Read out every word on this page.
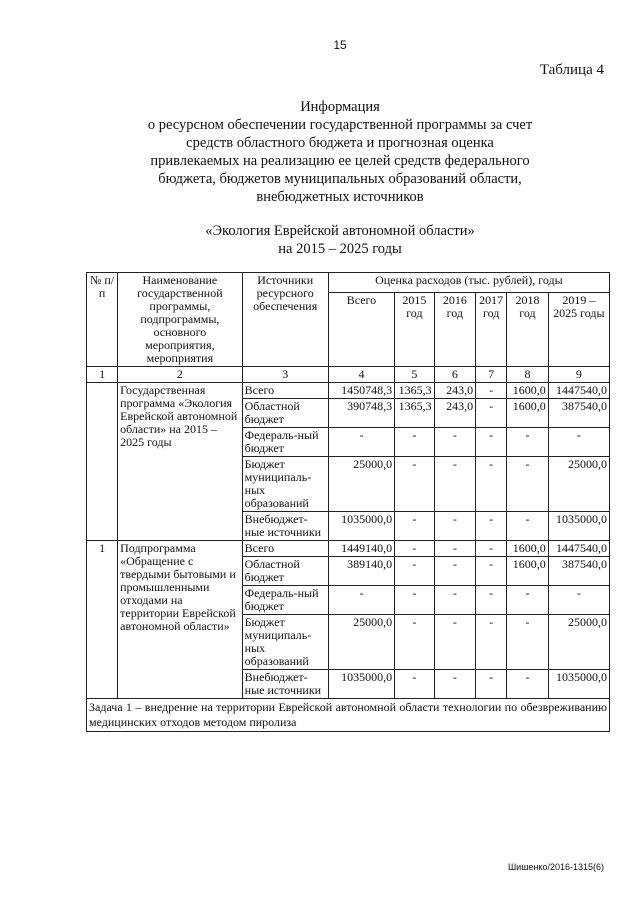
15
Таблица 4
Информация
о ресурсном обеспечении государственной программы за счет
средств областного бюджета и прогнозная оценка
привлекаемых на реализацию ее целей средств федерального
бюджета, бюджетов муниципальных образований области,
внебюджетных источников
«Экология Еврейской автономной области»
на 2015 – 2025 годы
№ п/п	Наименование государственной программы, подпрограммы, основного мероприятия, мероприятия	Источники ресурсного обеспечения	Оценка расходов (тыс. рублей), годы					
			Всего	2015 год	2016 год	2017 год	2018 год	2019 – 2025 годы
1	2	3	4	5	6	7	8	9
	Государственная программа «Экология Еврейской автономной области» на 2015 – 2025 годы	Всего	1450748,3	1365,3	243,0	-	1600,0	1447540,0
		Областной бюджет	390748,3	1365,3	243,0	-	1600,0	387540,0
		Федераль-ный бюджет	-	-	-	-	-	-
		Бюджет муниципаль-ных образований	25000,0	-	-	-	-	25000,0
		Внебюджет-ные источники	1035000,0	-	-	-	-	1035000,0
1	Подпрограмма «Обращение с твердыми бытовыми и промышленными отходами на территории Еврейской автономной области»	Всего	1449140,0	-	-	-	1600,0	1447540,0
		Областной бюджет	389140,0	-	-	-	1600,0	387540,0
		Федераль-ный бюджет	-	-	-	-	-	-
		Бюджет муниципаль-ных образований	25000,0	-	-	-	-	25000,0
		Внебюджет-ные источники	1035000,0	-	-	-	-	1035000,0
Задача 1 – внедрение на территории Еврейской автономной области технологии по обезвреживанию медицинских отходов методом пиролиза								
Шишенко/2016-1315(6)
